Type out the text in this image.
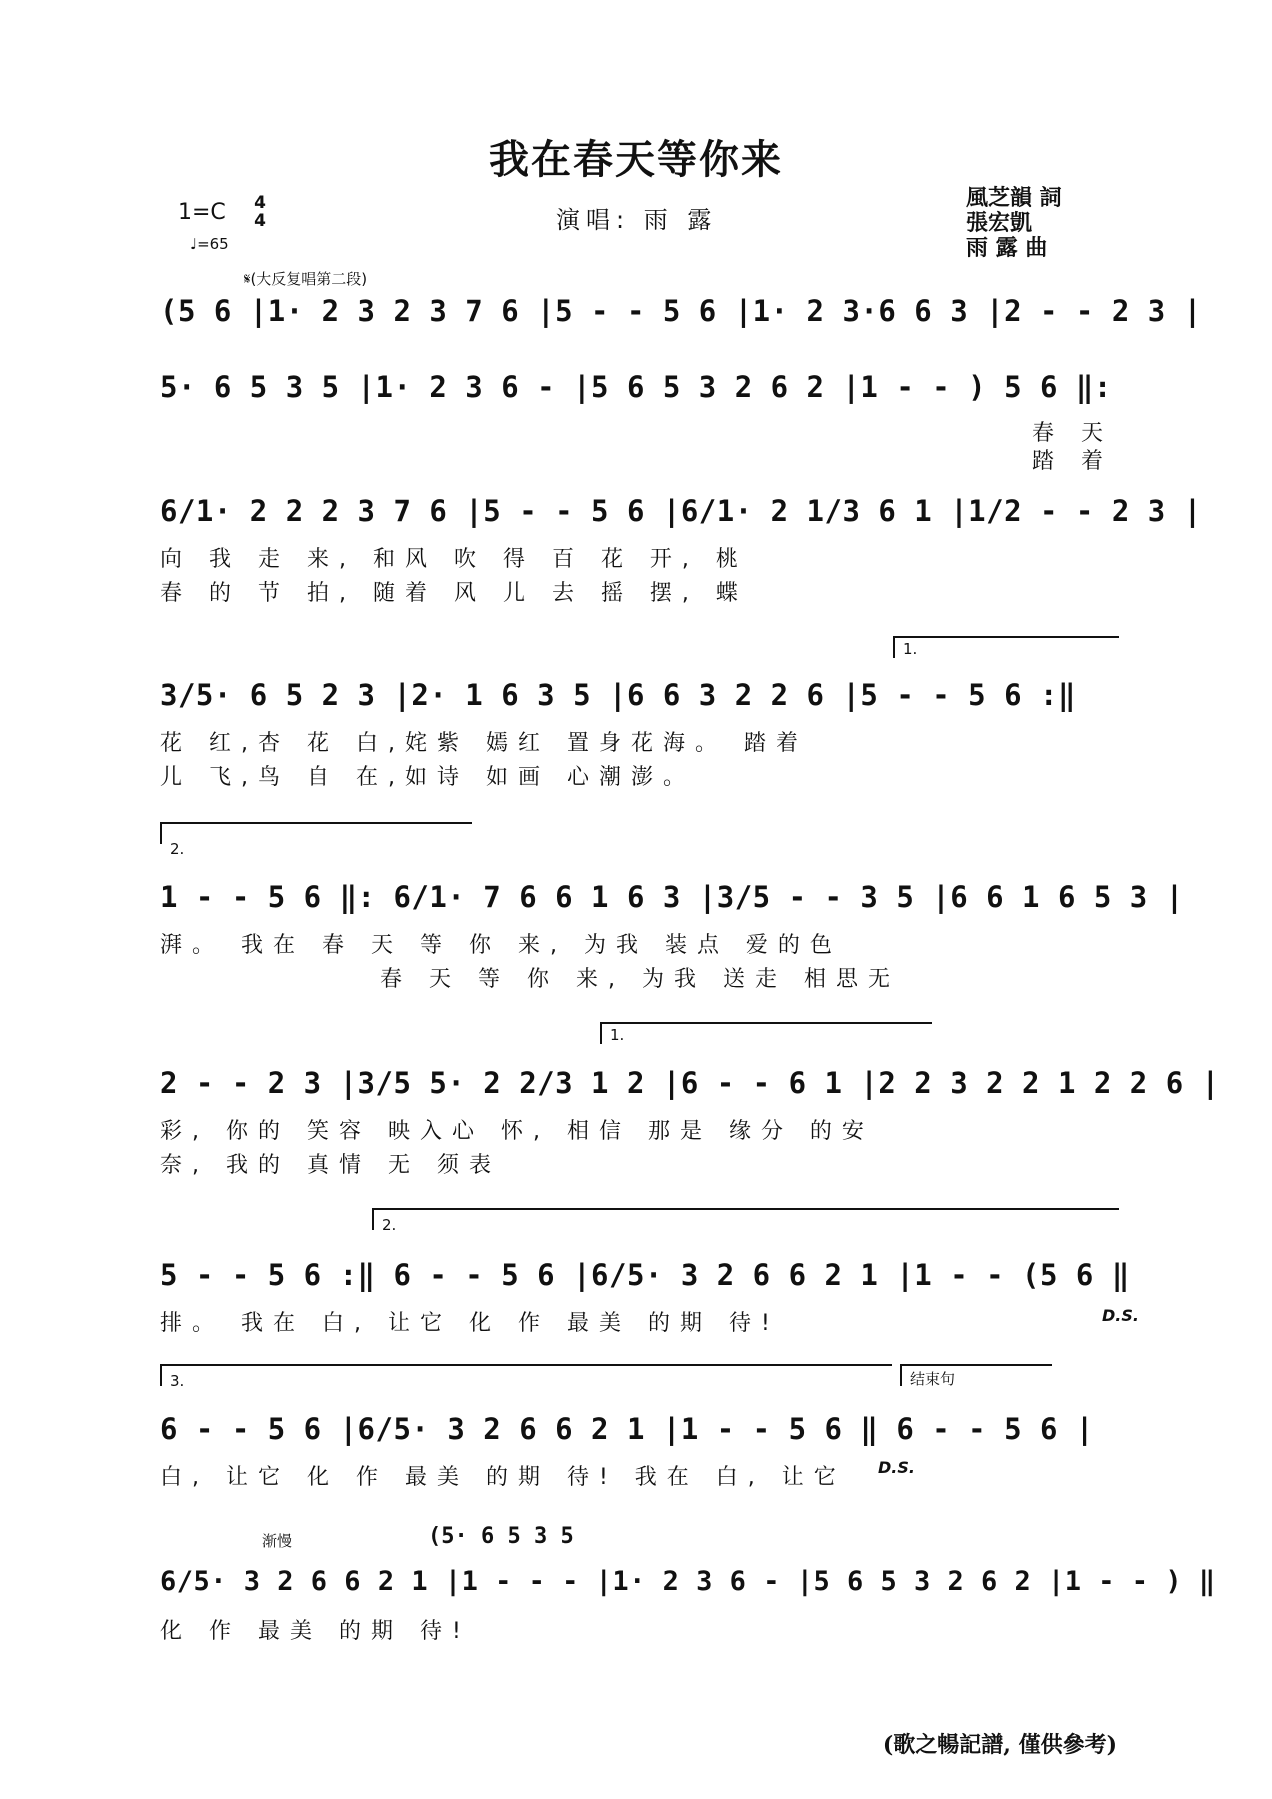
我在春天等你来
1=C 4
4
♩=65
演唱: 雨 露
風芝韻 詞
張宏凱
雨 露 曲
𝄋(大反复唱第二段)
(5 6 |1· 2 3 2 3 7 6 |5 - - 5 6 |1· 2 3·6 6 3 |2 - - 2 3 |
5· 6 5 3 5 |1· 2 3 6 - |5 6 5 3 2 6 2 |1 - - ) 5 6 ‖:
春 天
踏 着
6/1· 2 2 2 3 7 6 |5 - - 5 6 |6/1· 2 1/3 6 1 |1/2 - - 2 3 |
向 我 走 来, 和风 吹 得 百 花 开, 桃
春 的 节 拍, 随着 风 儿 去 摇 摆, 蝶
1.
3/5· 6 5 2 3 |2· 1 6 3 5 |6 6 3 2 2 6 |5 - - 5 6 :‖
花 红,杏 花 白,姹紫 嫣红 置身花海。 踏着
儿 飞,鸟 自 在,如诗 如画 心潮澎。
2.
1 - - 5 6 ‖: 6/1· 7 6 6 1 6 3 |3/5 - - 3 5 |6 6 1 6 5 3 |
湃。 我在 春 天 等 你 来, 为我 装点 爱的色
春 天 等 你 来, 为我 送走 相思无
1.
2 - - 2 3 |3/5 5· 2 2/3 1 2 |6 - - 6 1 |2 2 3 2 2 1 2 2 6 |
彩, 你的 笑容 映入心 怀, 相信 那是 缘分 的安
奈, 我的 真情 无 须表
2.
5 - - 5 6 :‖ 6 - - 5 6 |6/5· 3 2 6 6 2 1 |1 - - (5 6 ‖
排。 我在 白, 让它 化 作 最美 的期 待!	D.S.
3.	结束句
6 - - 5 6 |6/5· 3 2 6 6 2 1 |1 - - 5 6 ‖ 6 - - 5 6 |
白, 让它 化 作 最美 的期 待! 我在 白, 让它 D.S.
渐慢	(5· 6 5 3 5
6/5· 3 2 6 6 2 1 |1 - - - |1· 2 3 6 - |5 6 5 3 2 6 2 |1 - - ) ‖
化 作 最美 的期 待!
(歌之暢記譜, 僅供參考)
